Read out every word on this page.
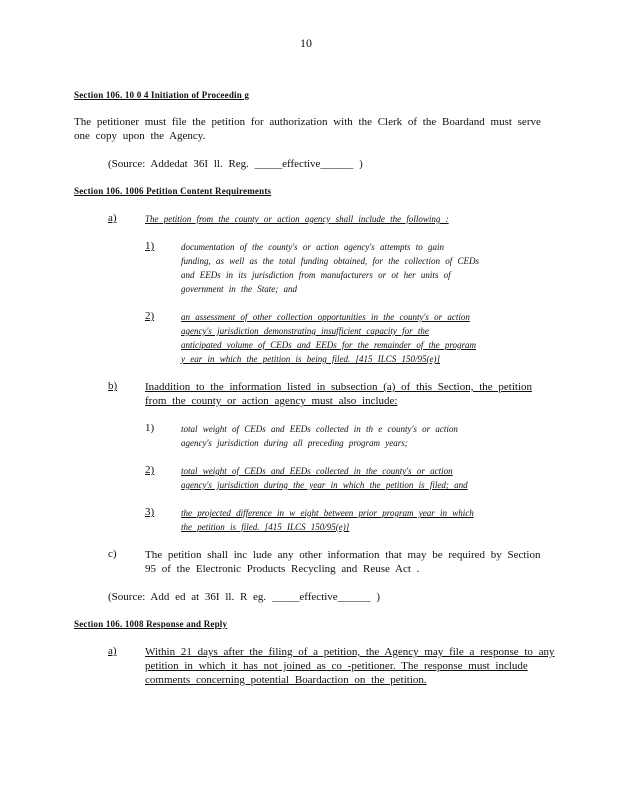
10
Section 106. 10 0 4 Initiation of Proceedin g
The petitioner must file the petition for authorization with the Clerk of the Boardand must serve
one copy upon the Agency.
(Source: Addedat 36I ll. Reg. _____effective______ )
Section 106. 1006 Petition Content Requirements
a)	The petition from the county or action agency shall include the following :
1)	documentation of the county's or action agency's attempts to gain
funding, as well as the total funding obtained, for the collection of CEDs
and EEDs in its jurisdiction from manufacturers or ot her units of
government in the State; and
2)	an assessment of other collection opportunities in the county's or action
agency's jurisdiction demonstrating insufficient capacity for the
anticipated volume of CEDs and EEDs for the remainder of the program
y ear in which the petition is being filed. [415 ILCS 150/95(e)]
b)	Inaddition to the information listed in subsection (a) of this Section, the petition
from the county or action agency must also include:
1)	total weight of CEDs and EEDs collected in th e county's or action
agency's jurisdiction during all preceding program years;
2)	total weight of CEDs and EEDs collected in the county's or action
agency's jurisdiction during the year in which the petition is filed; and
3)	the projected difference in w eight between prior program year in which
the petition is filed. [415 ILCS 150/95(e)]
c)	The petition shall inc lude any other information that may be required by Section
95 of the Electronic Products Recycling and Reuse Act .
(Source: Add ed at 36I ll. R eg. _____effective______ )
Section 106. 1008 Response and Reply
a)	Within 21 days after the filing of a petition, the Agency may file a response to any
petition in which it has not joined as co -petitioner. The response must include
comments concerning potential Boardaction on the petition.
